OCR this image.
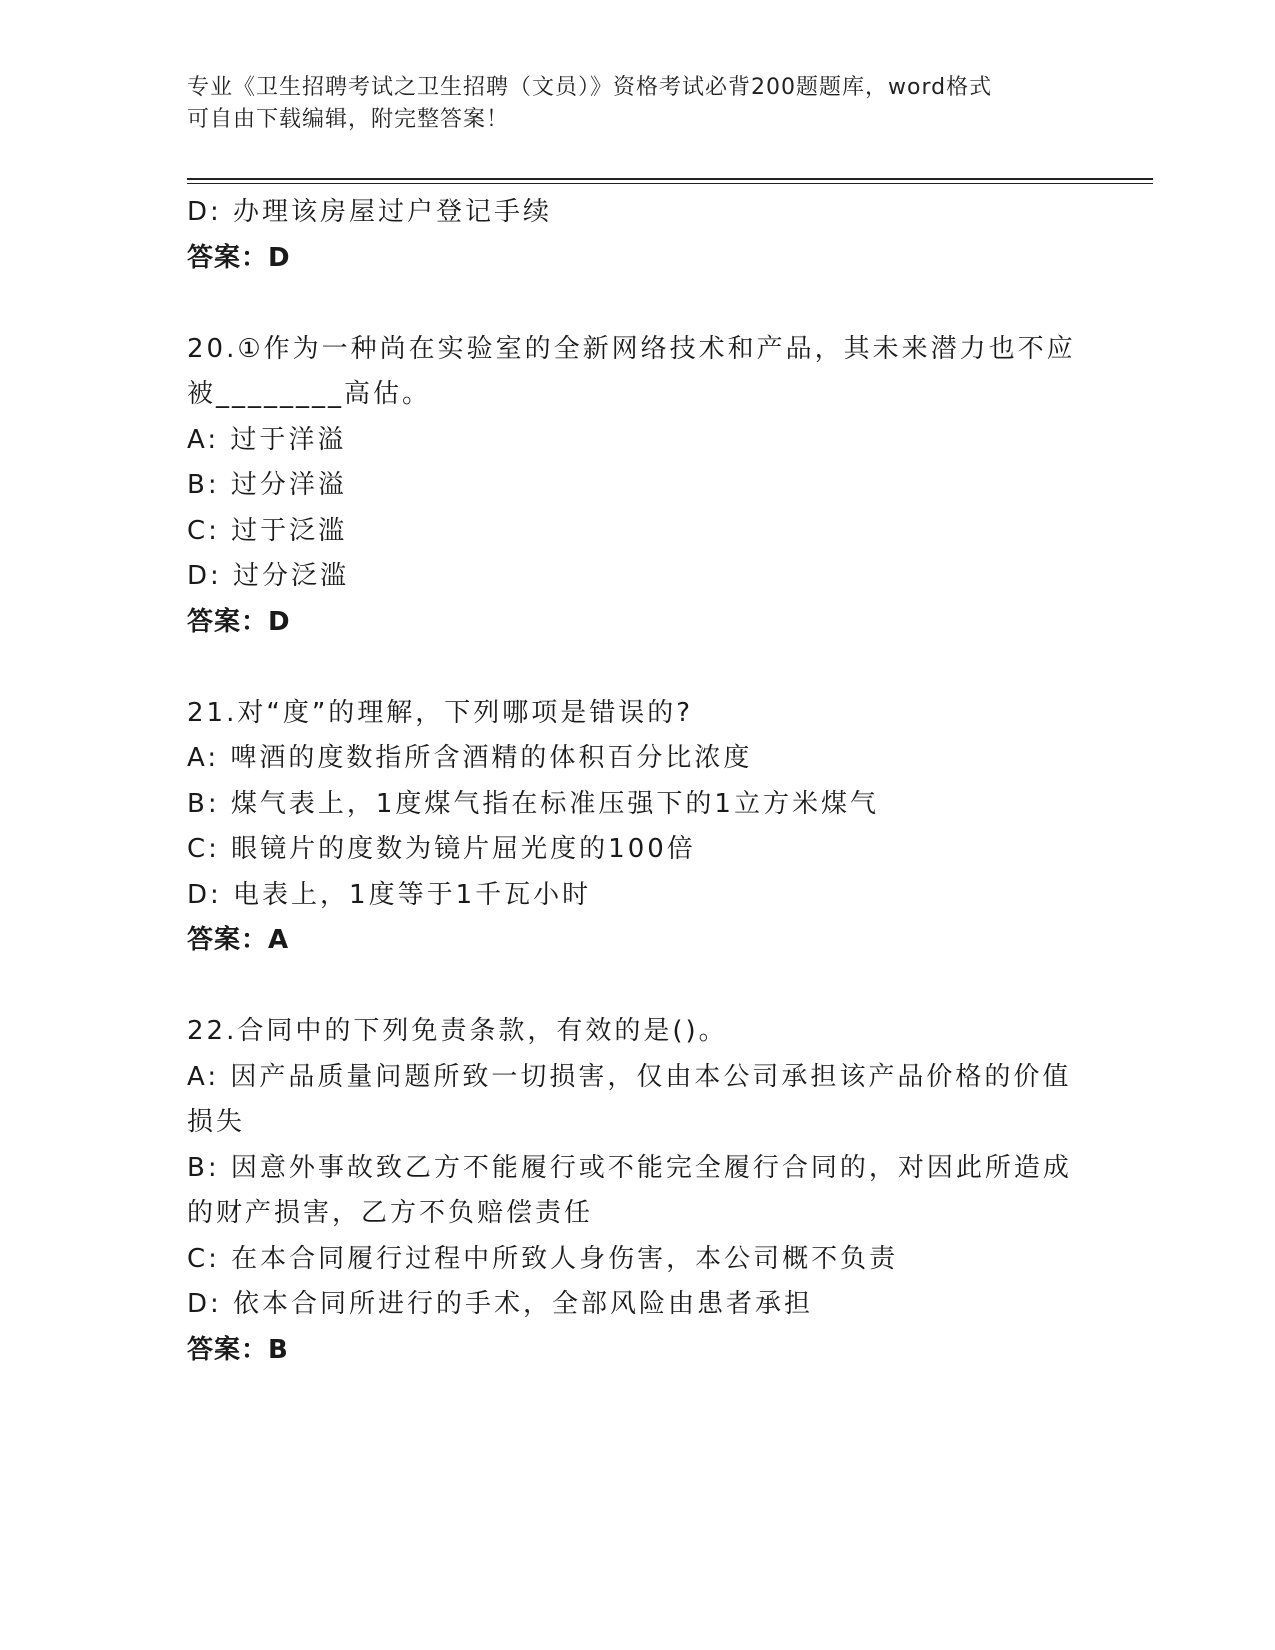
专业《卫生招聘考试之卫生招聘（文员）》资格考试必背200题题库，word格式
可自由下载编辑，附完整答案！

D: 办理该房屋过户登记手续

答案：D

20.①作为一种尚在实验室的全新网络技术和产品，其未来潜力也不应

被________高估。

A: 过于洋溢

B: 过分洋溢

C: 过于泛滥

D: 过分泛滥

答案：D

21.对“度”的理解，下列哪项是错误的?

A: 啤酒的度数指所含酒精的体积百分比浓度

B: 煤气表上，1度煤气指在标准压强下的1立方米煤气

C: 眼镜片的度数为镜片屈光度的100倍

D: 电表上，1度等于1千瓦小时

答案：A

22.合同中的下列免责条款，有效的是()。

A: 因产品质量问题所致一切损害，仅由本公司承担该产品价格的价值

损失

B: 因意外事故致乙方不能履行或不能完全履行合同的，对因此所造成

的财产损害，乙方不负赔偿责任

C: 在本合同履行过程中所致人身伤害，本公司概不负责

D: 依本合同所进行的手术，全部风险由患者承担

答案：B
